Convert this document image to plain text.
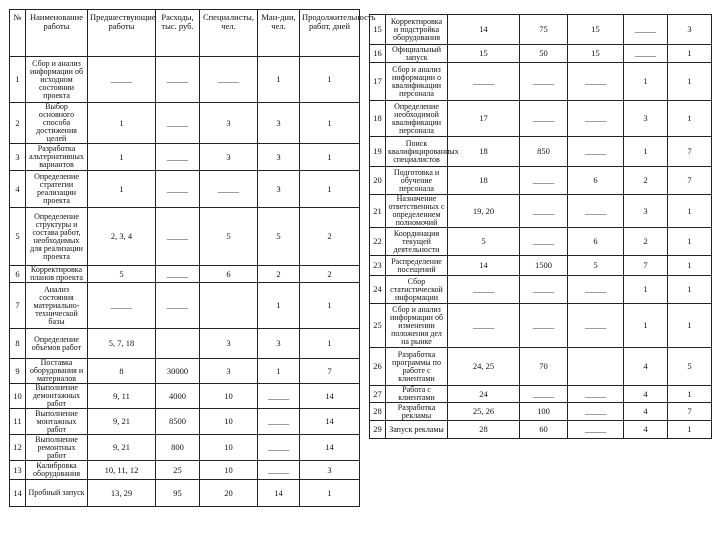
№	Наименование работы	Предшествующие работы	Расходы, тыс. руб.	Специалисты, чел.	Ман-дни, чел.	Продолжительность работ, дней
1	Сбор и анализ информации об исходном состоянии проекта	_____	_____	_____	1	1
2	Выбор основного способа достижения целей	1	_____	3	3	1
3	Разработка альтернативных вариантов	1	_____	3	3	1
4	Определение стратегии реализации проекта	1	_____	_____	3	1
5	Определение структуры и состава работ, необходимых для реализации проекта	2, 3, 4	_____	5	5	2
6	Корректировка планов проекта	5	_____	6	2	2
7	Анализ состояния материально-технической базы	_____	_____		1	1
8	Определение объемов работ	5, 7, 18		3	3	1
9	Поставка оборудования и материалов	8	30000	3	1	7
10	Выполнение демонтажных работ	9, 11	4000	10	_____	14
11	Выполнение монтажных работ	9, 21	8500	10	_____	14
12	Выполнение ремонтных работ	9, 21	800	10	_____	14
13	Калибровка оборудования	10, 11, 12	25	10	_____	3
14	Пробный запуск	13, 29	95	20	14	1
15	Корректировка и подстройка оборудования	14	75	15	_____	3
16	Официальный запуск	15	50	15	_____	1
17	Сбор и анализ информации о квалификации персонала	_____	_____	_____	1	1
18	Определение необходимой квалификации персонала	17	_____	_____	3	1
19	Поиск квалифицированных специалистов	18	850	_____	1	7
20	Подготовка и обучение персонала	18	_____	6	2	7
21	Назначение ответственных с определением полномочий	19, 20	_____	_____	3	1
22	Координация текущей деятельности	5	_____	6	2	1
23	Распределение посещений	14	1500	5	7	1
24	Сбор статистической информации	_____	_____	_____	1	1
25	Сбор и анализ информации об изменении положения дел на рынке	_____	_____	_____	1	1
26	Разработка программы по работе с клиентами	24, 25	70		4	5
27	Работа с клиентами	24	_____	_____	4	1
28	Разработка рекламы	25, 26	100	_____	4	7
29	Запуск рекламы	28	60	_____	4	1
